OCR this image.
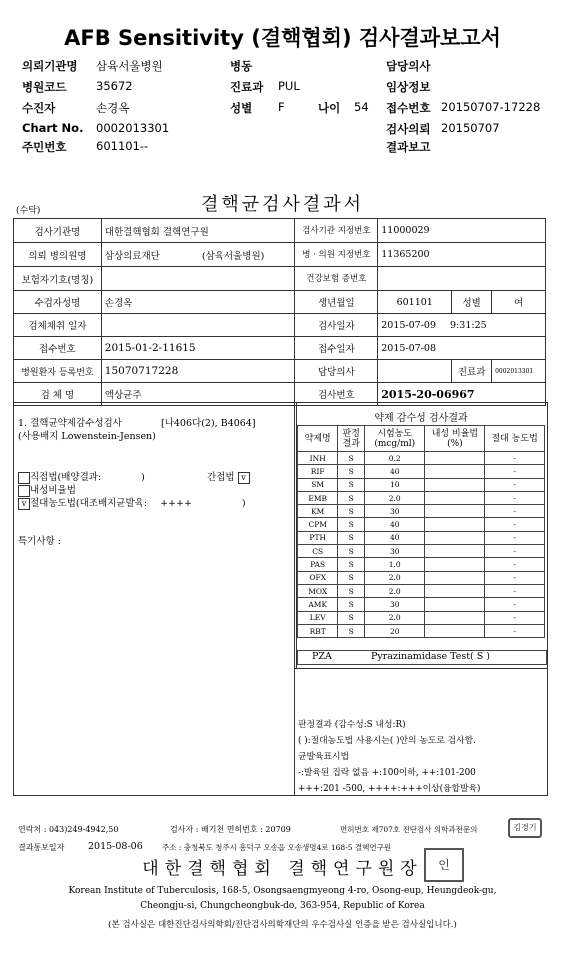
AFB Sensitivity (결핵협회) 검사결과보고서
의뢰기관명 삼육서울병원	병동	담당의사
병원코드	35672	진료과 PUL	임상정보
수진자	손경옥	성별 F	나이 54 접수번호 20150707-17228
Chart No. 0002013301	검사의뢰 20150707
주민번호	601101--	결과보고
(수탁)	결핵균검사결과서
검사기관명	대한결핵협회 결핵연구원	검사기관 지정번호	11000029		
의뢰 병의원명	삼상의료재단 (삼육서울병원)	병 · 의원 지정번호	11365200		
보험자기호(명칭)		건강보험 증번호			
수검자성명	손경옥	생년월일	601101	성별	여
검체채취 일자		검사일자	2015-07-09 9:31:25		
접수번호	2015-01-2-11615	접수일자	2015-07-08		
병원환자 등록번호	15070717228	담당의사		진료과	0002013301
검 체 명	액상균주	검사번호	2015-20-06967		
1. 결핵균약제감수성검사	[나406다(2), B4064]
(사용배지 Lowenstein-Jensen)
직접법(배양결과:	)	간접법 v
내성비율법
v 절대농도법(대조배지균발육: ++++	)
특기사항 :
약제 감수성 검사결과
약제명	판정 결과	시험농도 (mcg/ml)	내성 비율법(%)	절대 농도법
INH	S	0.2		-
RIF	S	40		-
SM	S	10		-
EMB	S	2.0		-
KM	S	30		-
CPM	S	40		-
PTH	S	40		-
CS	S	30		-
PAS	S	1.0		-
OFX	S	2.0		-
MOX	S	2.0		-
AMK	S	30		-
LEV	S	2.0		-
RBT	S	20		-
PZA	Pyrazinamidase Test( S )
판정결과 (감수성:S 내성:R)
( ):절대농도법 사용시는( )안의 농도로 검사함.
균발육표시법
-:발육된 집락 없음 +:100이하, ++:101-200
+++:201 -500, ++++:+++이상(융합발육)
연락처 : 043)249-4942,50	검사자 : 배기천 면허번호 : 20709	면허번호 제707호 진단검사 의학과전문의	김경기
결과통보일자 2015-08-06	주소 : 충청북도 청주시 흥덕구 오송읍 오송생명4로 168-5 결핵연구원
대한결핵협회 결핵연구원장	인
Korean Institute of Tuberculosis, 168-5, Osongsaengmyeong 4-ro, Osong-eup, Heungdeok-gu,
Cheongju-si, Chungcheongbuk-do, 363-954, Republic of Korea
(본 검사실은 대한진단검사의학회/진단검사의학재단의 우수검사실 인증을 받은 검사실입니다.)
